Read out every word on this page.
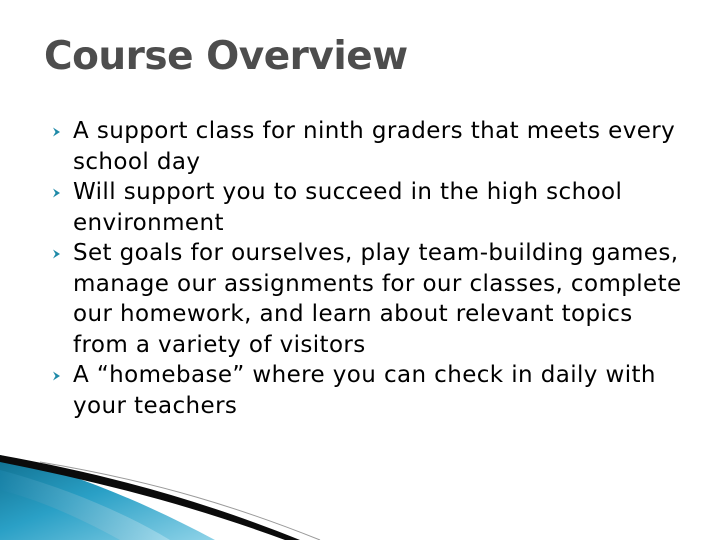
Course Overview
A support class for ninth graders that meets every school day
Will support you to succeed in the high school environment
Set goals for ourselves, play team-building games, manage our assignments for our classes, complete our homework, and learn about relevant topics from a variety of visitors
A “homebase” where you can check in daily with your teachers
